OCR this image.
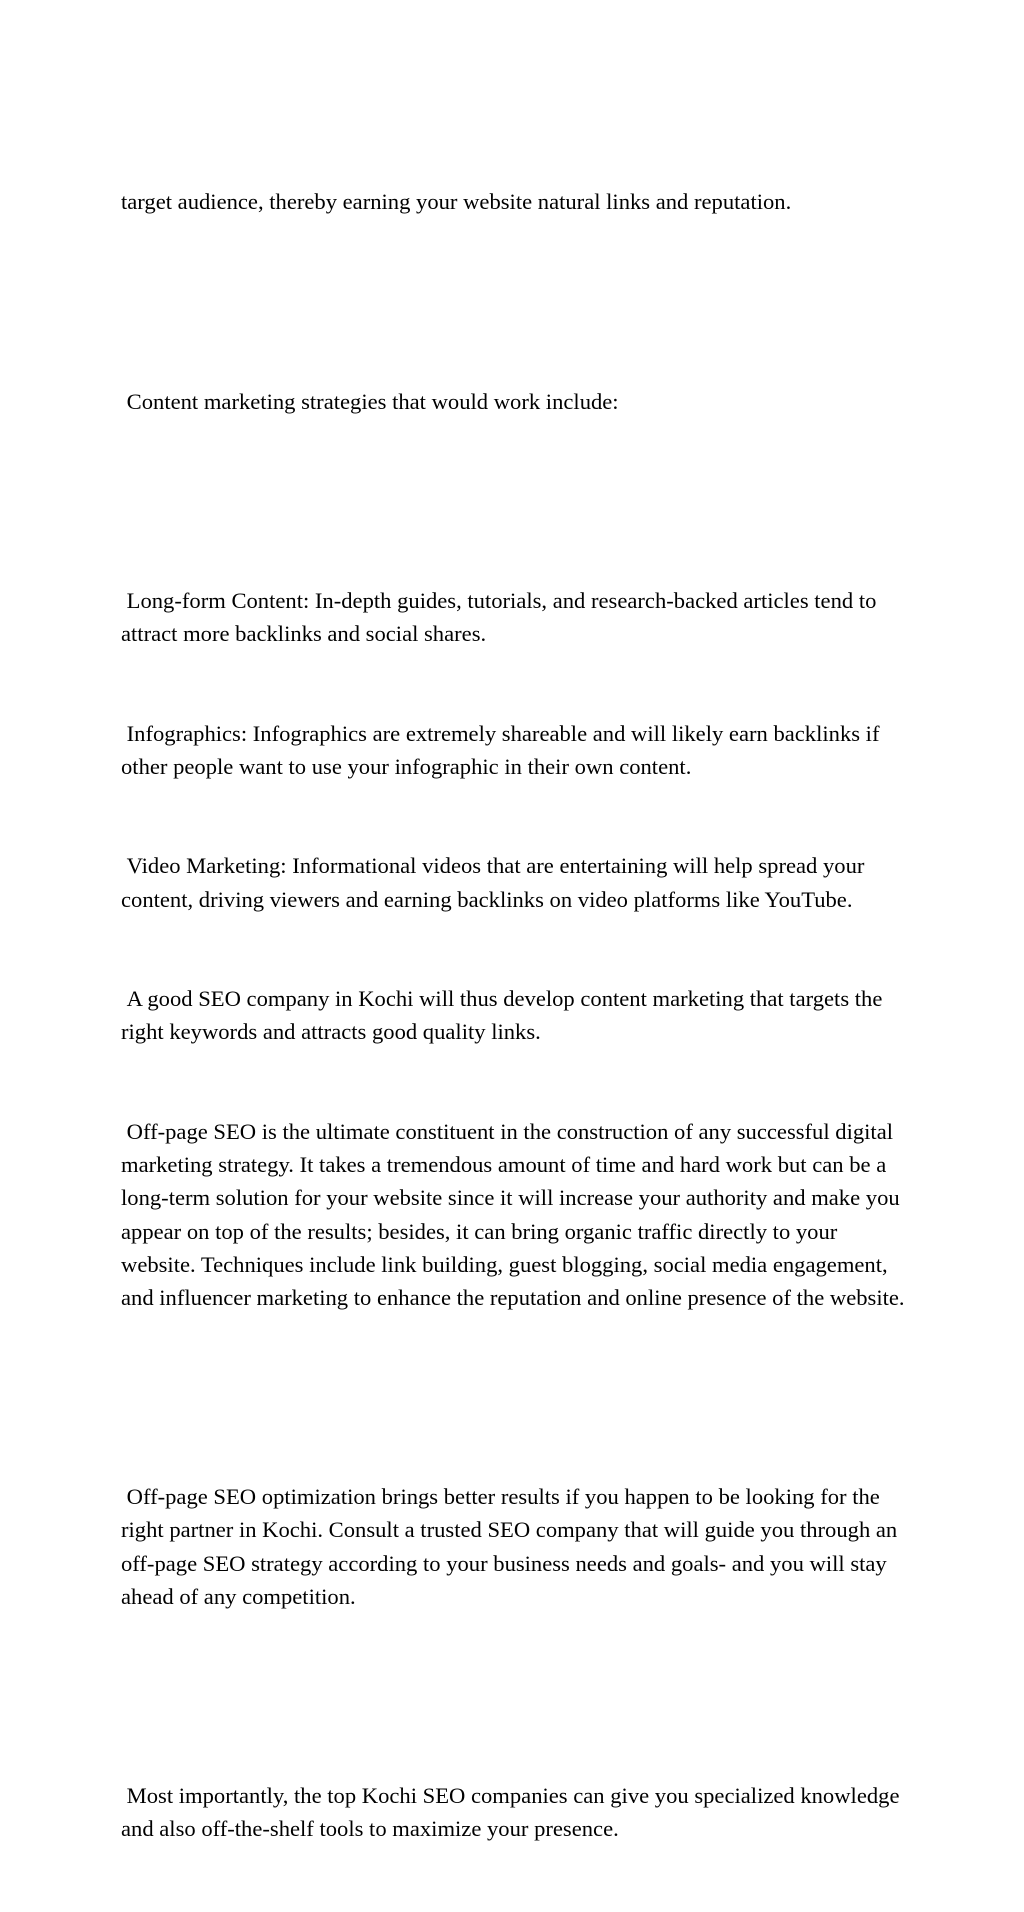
target audience, thereby earning your website natural links and reputation.

Content marketing strategies that would work include:

Long-form Content: In-depth guides, tutorials, and research-backed articles tend to attract more backlinks and social shares.

Infographics: Infographics are extremely shareable and will likely earn backlinks if other people want to use your infographic in their own content.

Video Marketing: Informational videos that are entertaining will help spread your content, driving viewers and earning backlinks on video platforms like YouTube.

A good SEO company in Kochi will thus develop content marketing that targets the right keywords and attracts good quality links.

Off-page SEO is the ultimate constituent in the construction of any successful digital marketing strategy. It takes a tremendous amount of time and hard work but can be a long-term solution for your website since it will increase your authority and make you appear on top of the results; besides, it can bring organic traffic directly to your website. Techniques include link building, guest blogging, social media engagement, and influencer marketing to enhance the reputation and online presence of the website.

Off-page SEO optimization brings better results if you happen to be looking for the right partner in Kochi. Consult a trusted SEO company that will guide you through an off-page SEO strategy according to your business needs and goals- and you will stay ahead of any competition.

Most importantly, the top Kochi SEO companies can give you specialized knowledge and also off-the-shelf tools to maximize your presence.
